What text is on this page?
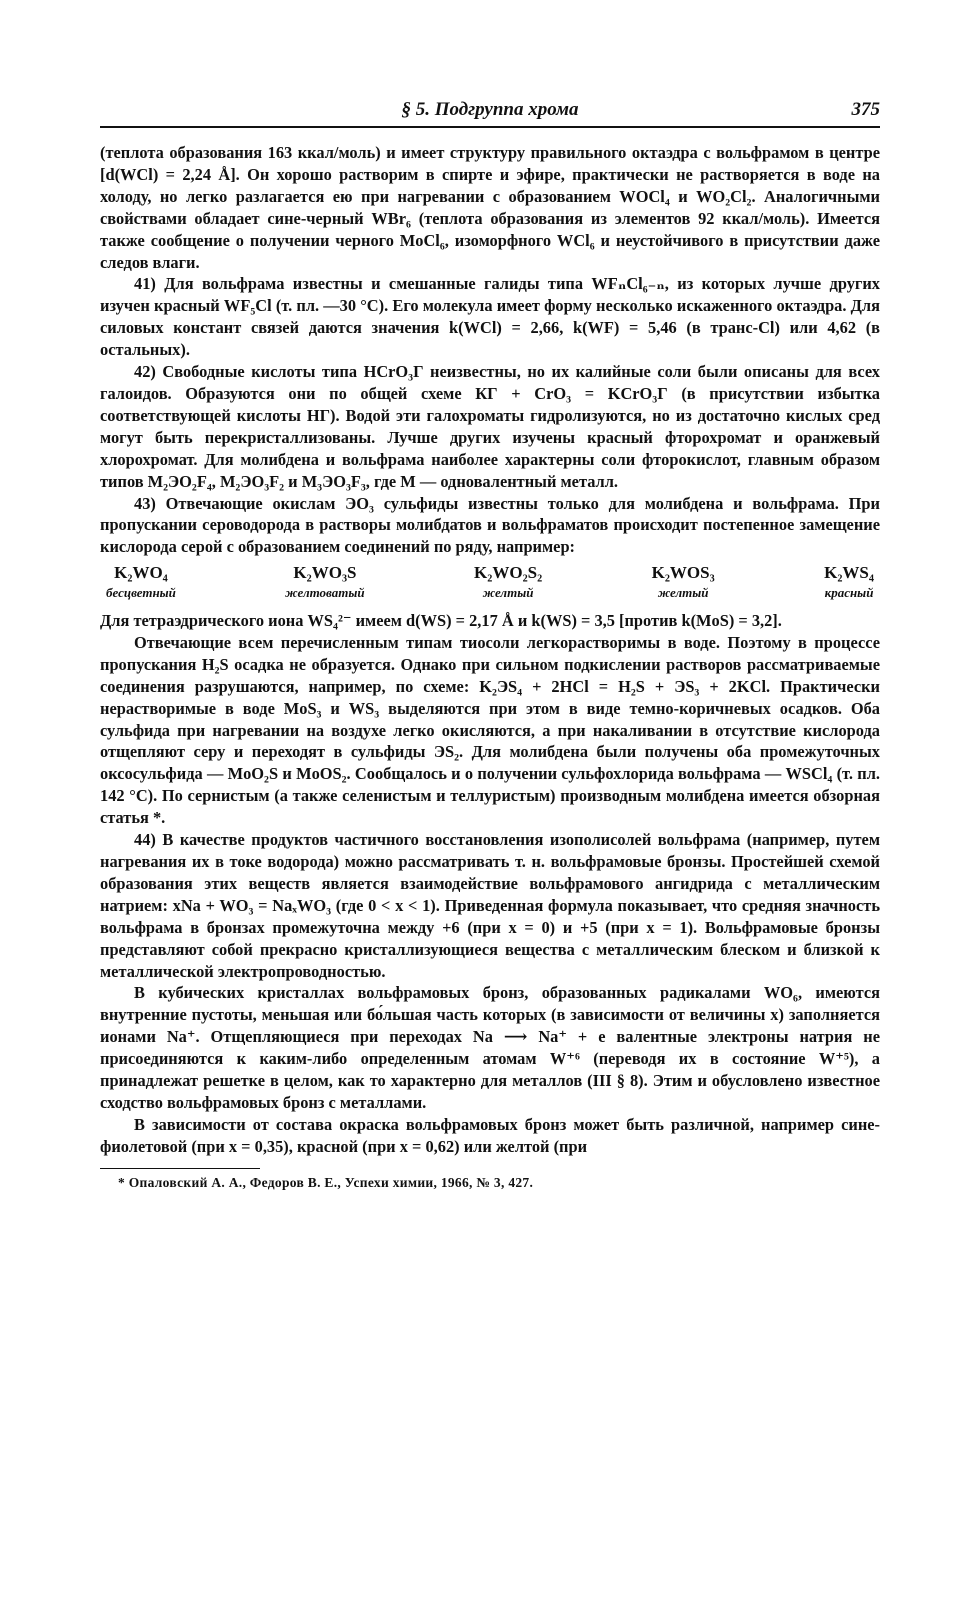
§ 5. Подгруппа хрома	375

(теплота образования 163 ккал/моль) и имеет структуру правильного октаэдра с вольфрамом в центре [d(WCl) = 2,24 Å]. Он хорошо растворим в спирте и эфире, практически не растворяется в воде на холоду, но легко разлагается ею при нагревании с образованием WOCl₄ и WO₂Cl₂. Аналогичными свойствами обладает сине-черный WBr₆ (теплота образования из элементов 92 ккал/моль). Имеется также сообщение о получении черного MoCl₆, изоморфного WCl₆ и неустойчивого в присутствии даже следов влаги.

41) Для вольфрама известны и смешанные галиды типа WFₙCl₆₋ₙ, из которых лучше других изучен красный WF₅Cl (т. пл. —30 °C). Его молекула имеет форму несколько искаженного октаэдра. Для силовых констант связей даются значения k(WCl) = 2,66, k(WF) = 5,46 (в транс-Cl) или 4,62 (в остальных).

42) Свободные кислоты типа HCrO₃Г неизвестны, но их калийные соли были описаны для всех галоидов. Образуются они по общей схеме КГ + CrO₃ = KCrO₃Г (в присутствии избытка соответствующей кислоты НГ). Водой эти галохроматы гидролизуются, но из достаточно кислых сред могут быть перекристаллизованы. Лучше других изучены красный фторохромат и оранжевый хлорохромат. Для молибдена и вольфрама наиболее характерны соли фторокислот, главным образом типов M₂ЭO₂F₄, M₂ЭO₃F₂ и M₃ЭO₃F₃, где M — одновалентный металл.

43) Отвечающие окислам ЭO₃ сульфиды известны только для молибдена и вольфрама. При пропускании сероводорода в растворы молибдатов и вольфраматов происходит постепенное замещение кислорода серой с образованием соединений по ряду, например:

K₂WO₄
бесцветный
K₂WO₃S
желтоватый
K₂WO₂S₂
желтый
K₂WOS₃
желтый
K₂WS₄
красный

Для тетраэдрического иона WS₄²⁻ имеем d(WS) = 2,17 Å и k(WS) = 3,5 [против k(MoS) = 3,2].

Отвечающие всем перечисленным типам тиосоли легкорастворимы в воде. Поэтому в процессе пропускания H₂S осадка не образуется. Однако при сильном подкислении растворов рассматриваемые соединения разрушаются, например, по схеме: K₂ЭS₄ + 2HCl = H₂S + ЭS₃ + 2KCl. Практически нерастворимые в воде MoS₃ и WS₃ выделяются при этом в виде темно-коричневых осадков. Оба сульфида при нагревании на воздухе легко окисляются, а при накаливании в отсутствие кислорода отщепляют серу и переходят в сульфиды ЭS₂. Для молибдена были получены оба промежуточных оксосульфида — MoO₂S и MoOS₂. Сообщалось и о получении сульфохлорида вольфрама — WSCl₄ (т. пл. 142 °C). По сернистым (а также селенистым и теллуристым) производным молибдена имеется обзорная статья *.

44) В качестве продуктов частичного восстановления изополисолей вольфрама (например, путем нагревания их в токе водорода) можно рассматривать т. н. вольфрамовые бронзы. Простейшей схемой образования этих веществ является взаимодействие вольфрамового ангидрида с металлическим натрием: xNa + WO₃ = NaₓWO₃ (где 0 < x < 1). Приведенная формула показывает, что средняя значность вольфрама в бронзах промежуточна между +6 (при x = 0) и +5 (при x = 1). Вольфрамовые бронзы представляют собой прекрасно кристаллизующиеся вещества с металлическим блеском и близкой к металлической электропроводностью.

В кубических кристаллах вольфрамовых бронз, образованных радикалами WO₆, имеются внутренние пустоты, меньшая или бо́льшая часть которых (в зависимости от величины x) заполняется ионами Na⁺. Отщепляющиеся при переходах Na ⟶ Na⁺ + e валентные электроны натрия не присоединяются к каким-либо определенным атомам W⁺⁶ (переводя их в состояние W⁺⁵), а принадлежат решетке в целом, как то характерно для металлов (III § 8). Этим и обусловлено известное сходство вольфрамовых бронз с металлами.

В зависимости от состава окраска вольфрамовых бронз может быть различной, например сине-фиолетовой (при x = 0,35), красной (при x = 0,62) или желтой (при

* Опаловский А. А., Федоров В. Е., Успехи химии, 1966, № 3, 427.
